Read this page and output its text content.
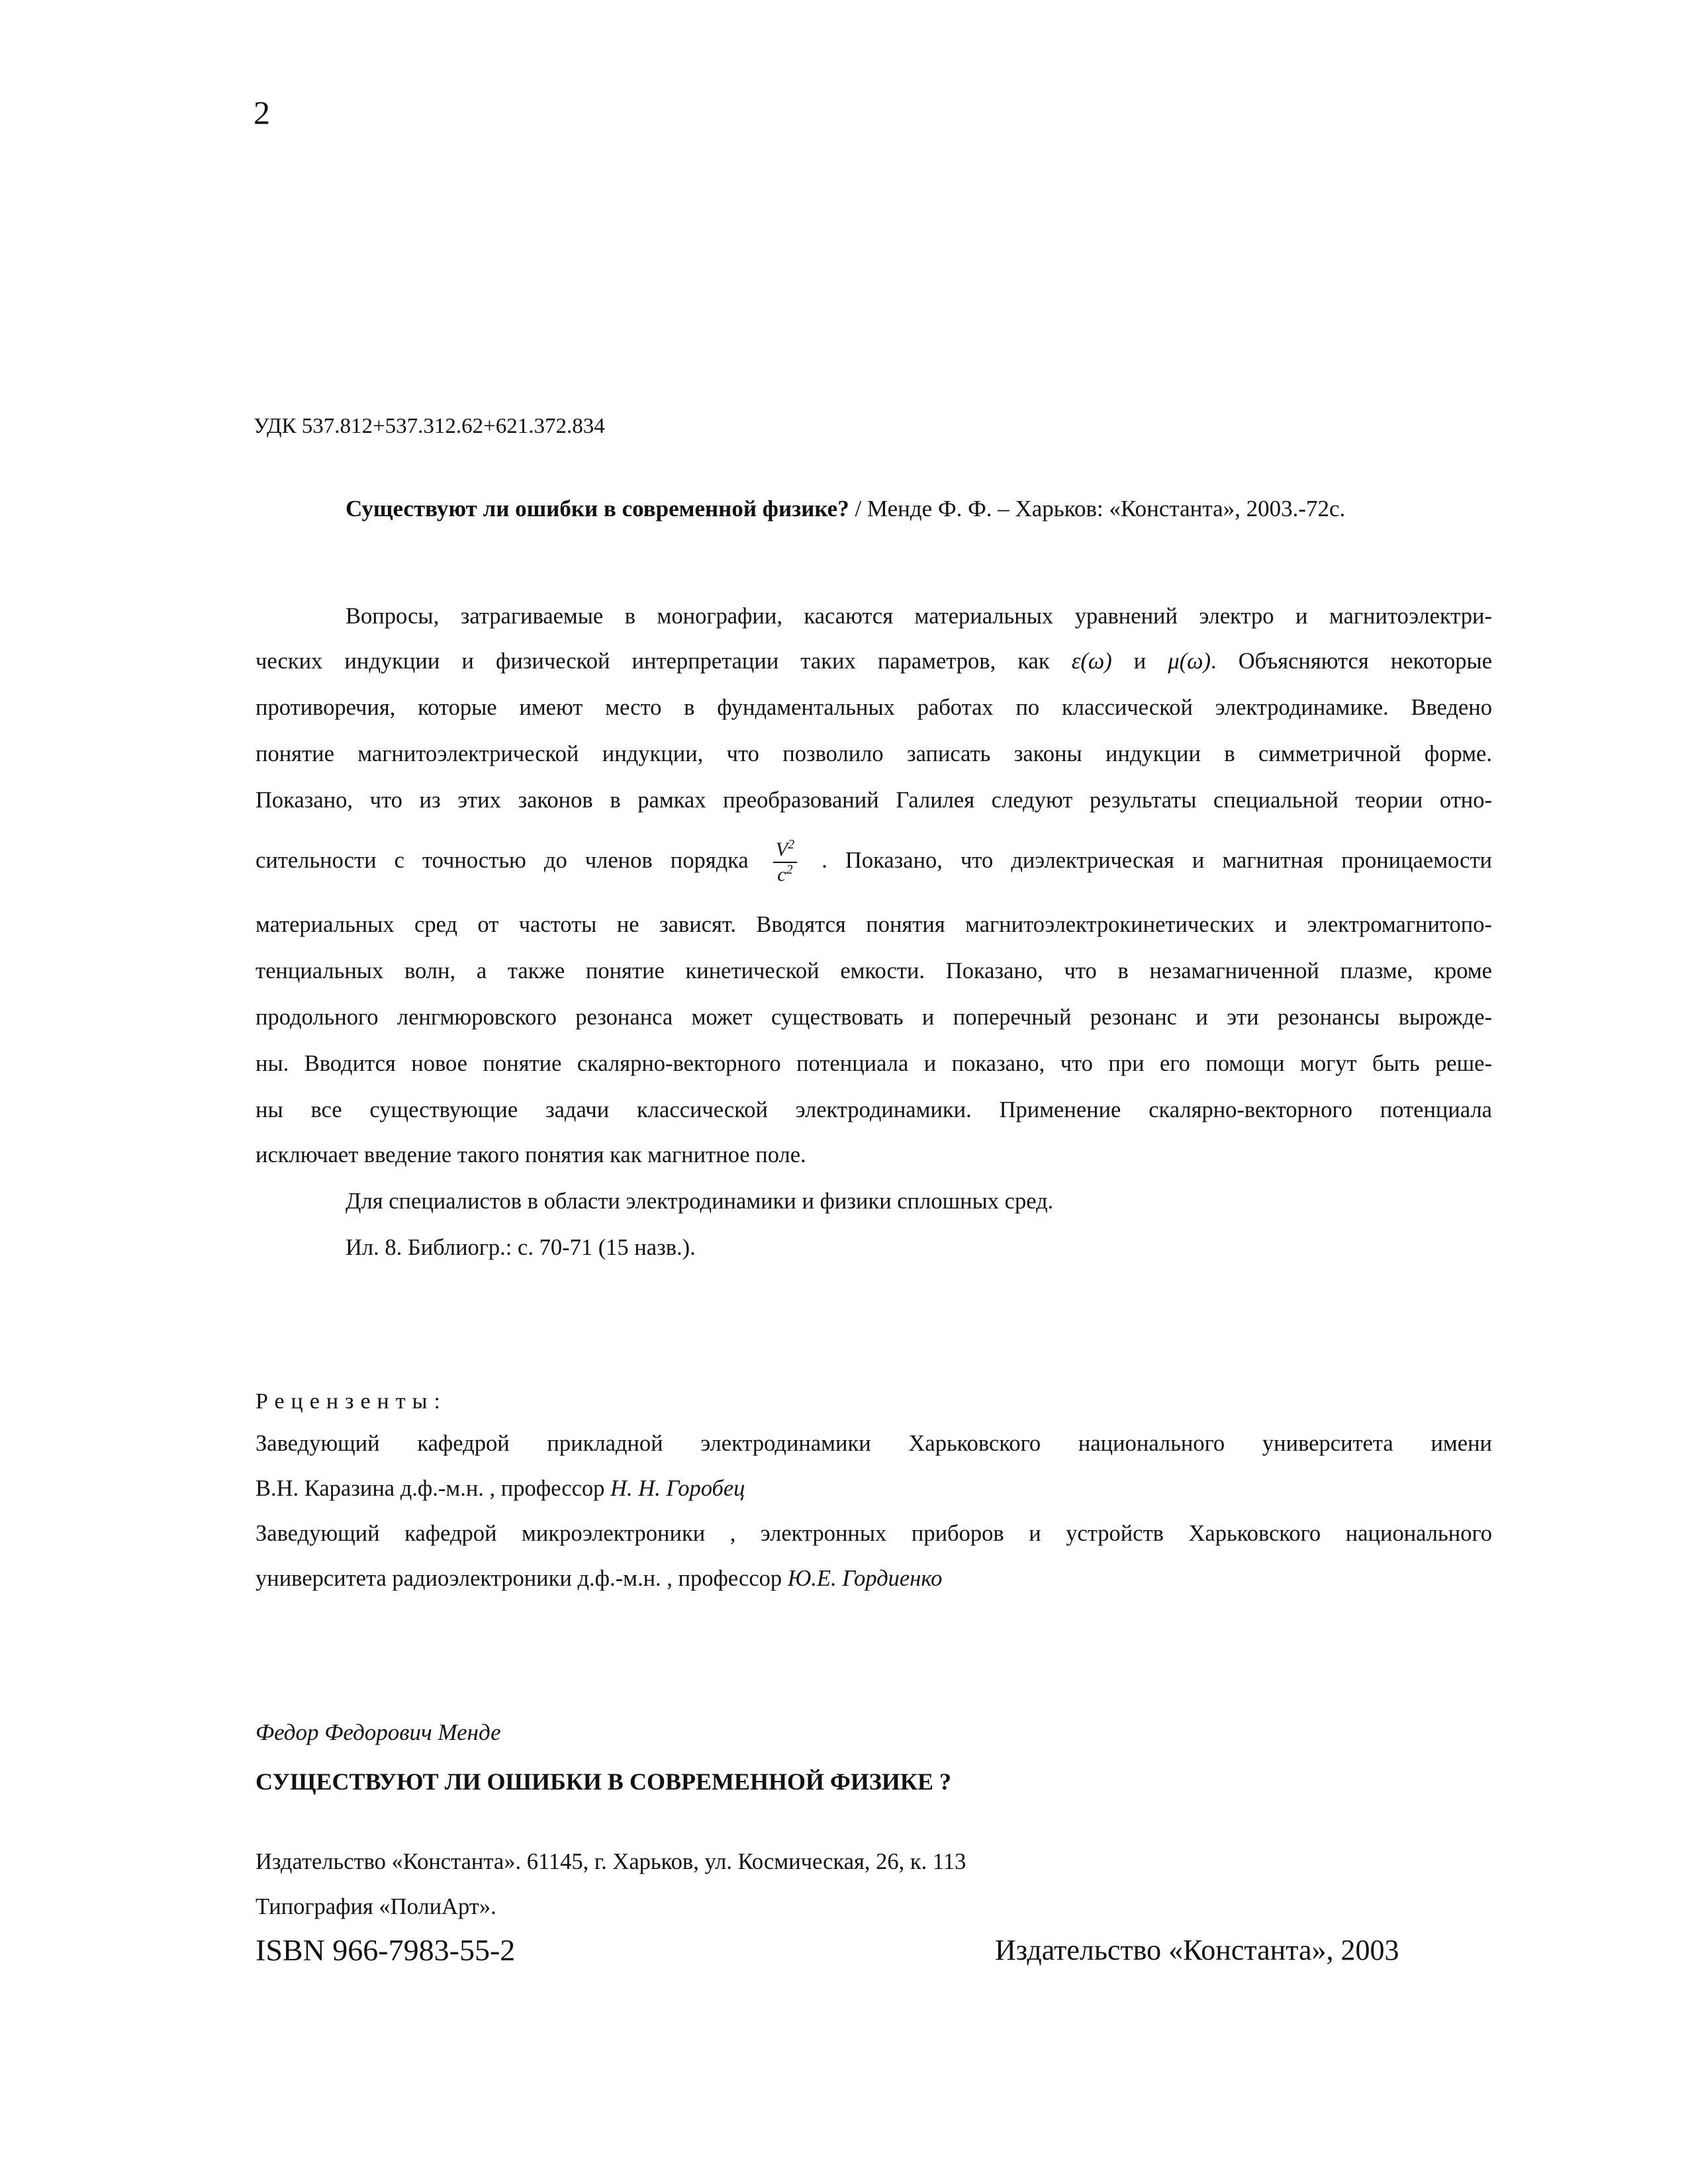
2
УДК 537.812+537.312.62+621.372.834
Существуют ли ошибки в современной физике? / Менде Ф. Ф. – Харьков: «Константа», 2003.-72с.
Вопросы, затрагиваемые в монографии, касаются материальных уравнений электро и магнитоэлектри-
ческих индукции и физической интерпретации таких параметров, как ε(ω) и μ(ω). Объясняются некоторые
противоречия, которые имеют место в фундаментальных работах по классической электродинамике. Введено
понятие магнитоэлектрической индукции, что позволило записать законы индукции в симметричной форме.
Показано, что из этих законов в рамках преобразований Галилея следуют результаты специальной теории отно-
сительности с точностью до членов порядка $\frac{V^2}{c^2}$ . Показано, что диэлектрическая и магнитная проницаемости
материальных сред от частоты не зависят. Вводятся понятия магнитоэлектрокинетических и электромагнитопо-
тенциальных волн, а также понятие кинетической емкости. Показано, что в незамагниченной плазме, кроме
продольного ленгмюровского резонанса может существовать и поперечный резонанс и эти резонансы вырожде-
ны. Вводится новое понятие скалярно-векторного потенциала и показано, что при его помощи могут быть реше-
ны все существующие задачи классической электродинамики. Применение скалярно-векторного потенциала
исключает введение такого понятия как магнитное поле.
Для специалистов в области электродинамики и физики сплошных сред.
Ил. 8. Библиогр.: с. 70-71 (15 назв.).
Рецензенты:
Заведующий кафедрой прикладной электродинамики Харьковского национального университета имени
В.Н. Каразина д.ф.-м.н. , профессор Н. Н. Горобец
Заведующий кафедрой микроэлектроники , электронных приборов и устройств Харьковского национального
университета радиоэлектроники д.ф.-м.н. , профессор Ю.Е. Гордиенко
Федор Федорович Менде
СУЩЕСТВУЮТ ЛИ ОШИБКИ В СОВРЕМЕННОЙ ФИЗИКЕ ?
Издательство «Константа». 61145, г. Харьков, ул. Космическая, 26, к. 113
Типография «ПолиАрт».
ISBN 966-7983-55-2	Издательство «Константа», 2003
